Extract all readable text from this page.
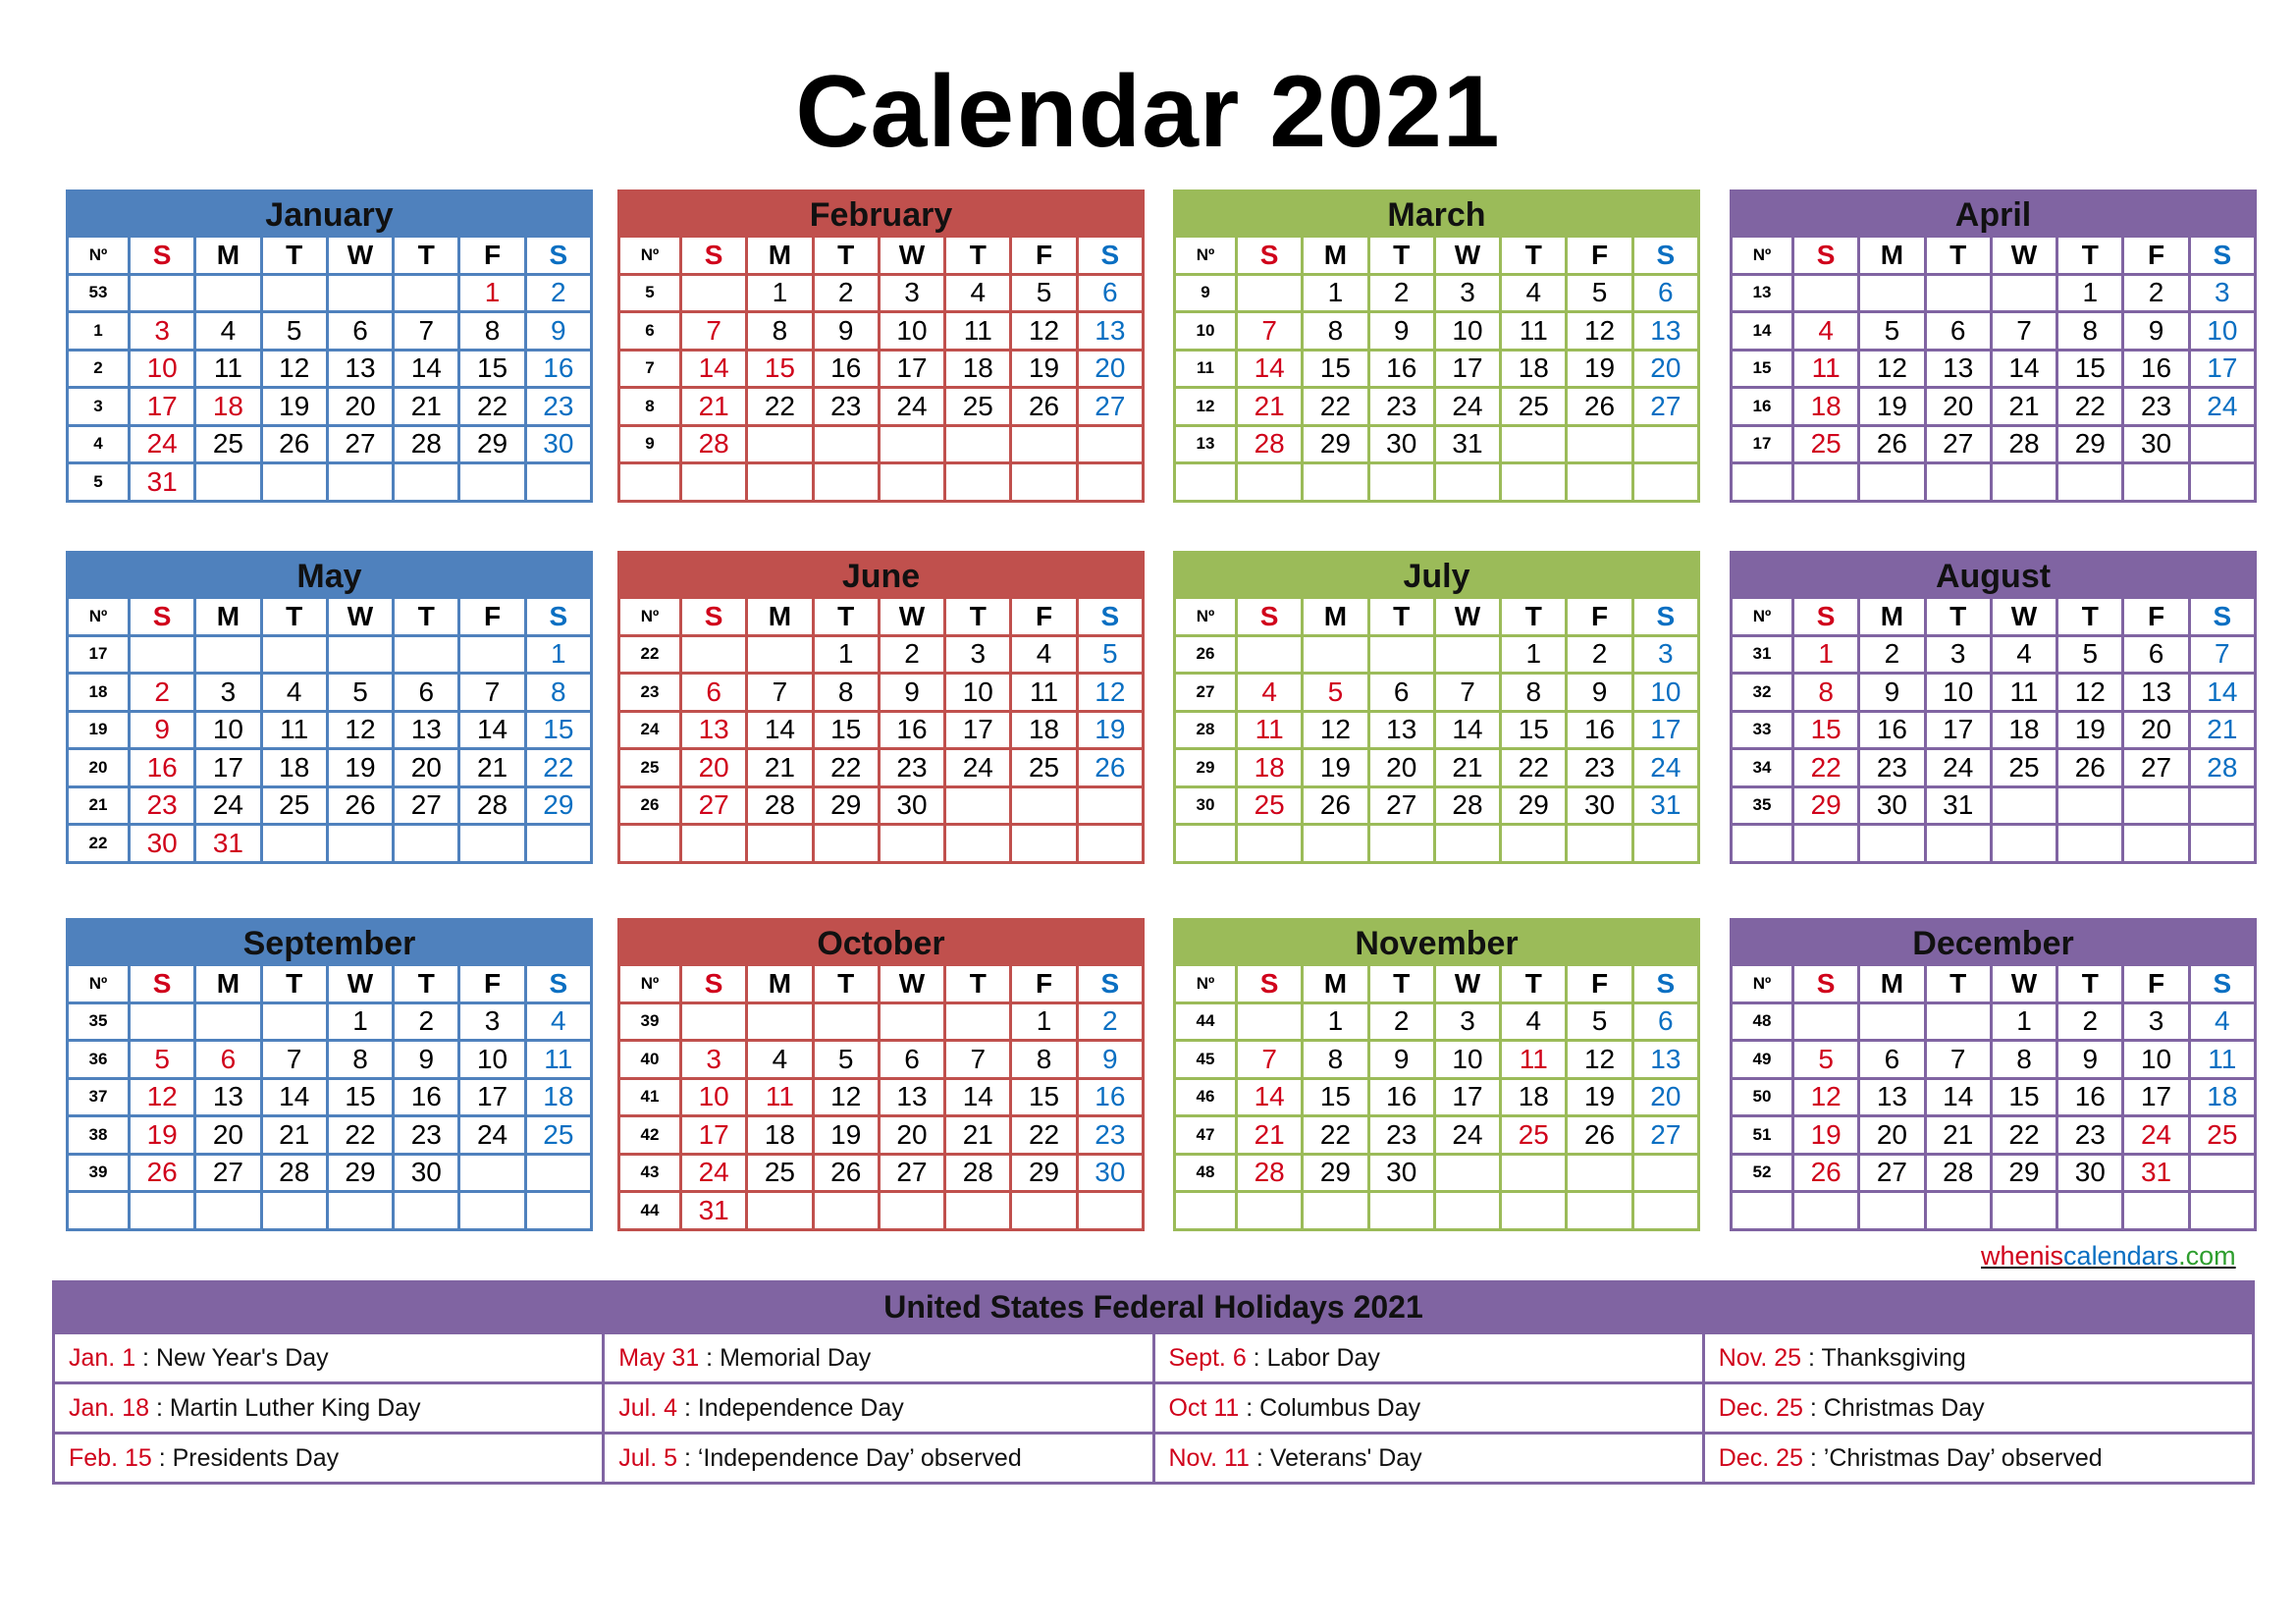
Calendar 2021
January
Nº	S	M	T	W	T	F	S
53						1	2
1	3	4	5	6	7	8	9
2	10	11	12	13	14	15	16
3	17	18	19	20	21	22	23
4	24	25	26	27	28	29	30
5	31						
February
Nº	S	M	T	W	T	F	S
5		1	2	3	4	5	6
6	7	8	9	10	11	12	13
7	14	15	16	17	18	19	20
8	21	22	23	24	25	26	27
9	28						

March
Nº	S	M	T	W	T	F	S
9		1	2	3	4	5	6
10	7	8	9	10	11	12	13
11	14	15	16	17	18	19	20
12	21	22	23	24	25	26	27
13	28	29	30	31			

April
Nº	S	M	T	W	T	F	S
13					1	2	3
14	4	5	6	7	8	9	10
15	11	12	13	14	15	16	17
16	18	19	20	21	22	23	24
17	25	26	27	28	29	30	

May
Nº	S	M	T	W	T	F	S
17							1
18	2	3	4	5	6	7	8
19	9	10	11	12	13	14	15
20	16	17	18	19	20	21	22
21	23	24	25	26	27	28	29
22	30	31					
June
Nº	S	M	T	W	T	F	S
22			1	2	3	4	5
23	6	7	8	9	10	11	12
24	13	14	15	16	17	18	19
25	20	21	22	23	24	25	26
26	27	28	29	30			

July
Nº	S	M	T	W	T	F	S
26					1	2	3
27	4	5	6	7	8	9	10
28	11	12	13	14	15	16	17
29	18	19	20	21	22	23	24
30	25	26	27	28	29	30	31

August
Nº	S	M	T	W	T	F	S
31	1	2	3	4	5	6	7
32	8	9	10	11	12	13	14
33	15	16	17	18	19	20	21
34	22	23	24	25	26	27	28
35	29	30	31				

September
Nº	S	M	T	W	T	F	S
35				1	2	3	4
36	5	6	7	8	9	10	11
37	12	13	14	15	16	17	18
38	19	20	21	22	23	24	25
39	26	27	28	29	30		

October
Nº	S	M	T	W	T	F	S
39						1	2
40	3	4	5	6	7	8	9
41	10	11	12	13	14	15	16
42	17	18	19	20	21	22	23
43	24	25	26	27	28	29	30
44	31						
November
Nº	S	M	T	W	T	F	S
44		1	2	3	4	5	6
45	7	8	9	10	11	12	13
46	14	15	16	17	18	19	20
47	21	22	23	24	25	26	27
48	28	29	30				

December
Nº	S	M	T	W	T	F	S
48				1	2	3	4
49	5	6	7	8	9	10	11
50	12	13	14	15	16	17	18
51	19	20	21	22	23	24	25
52	26	27	28	29	30	31	

wheniscalendars.com
United States Federal Holidays 2021
Jan. 1 : New Year's Day	May 31 : Memorial Day	Sept. 6 : Labor Day	Nov. 25 : Thanksgiving
Jan. 18 : Martin Luther King Day	Jul. 4 : Independence Day	Oct 11 : Columbus Day	Dec. 25 : Christmas Day
Feb. 15 : Presidents Day	Jul. 5 : ‘Independence Day’ observed	Nov. 11 : Veterans' Day	Dec. 25 : ’Christmas Day’ observed
